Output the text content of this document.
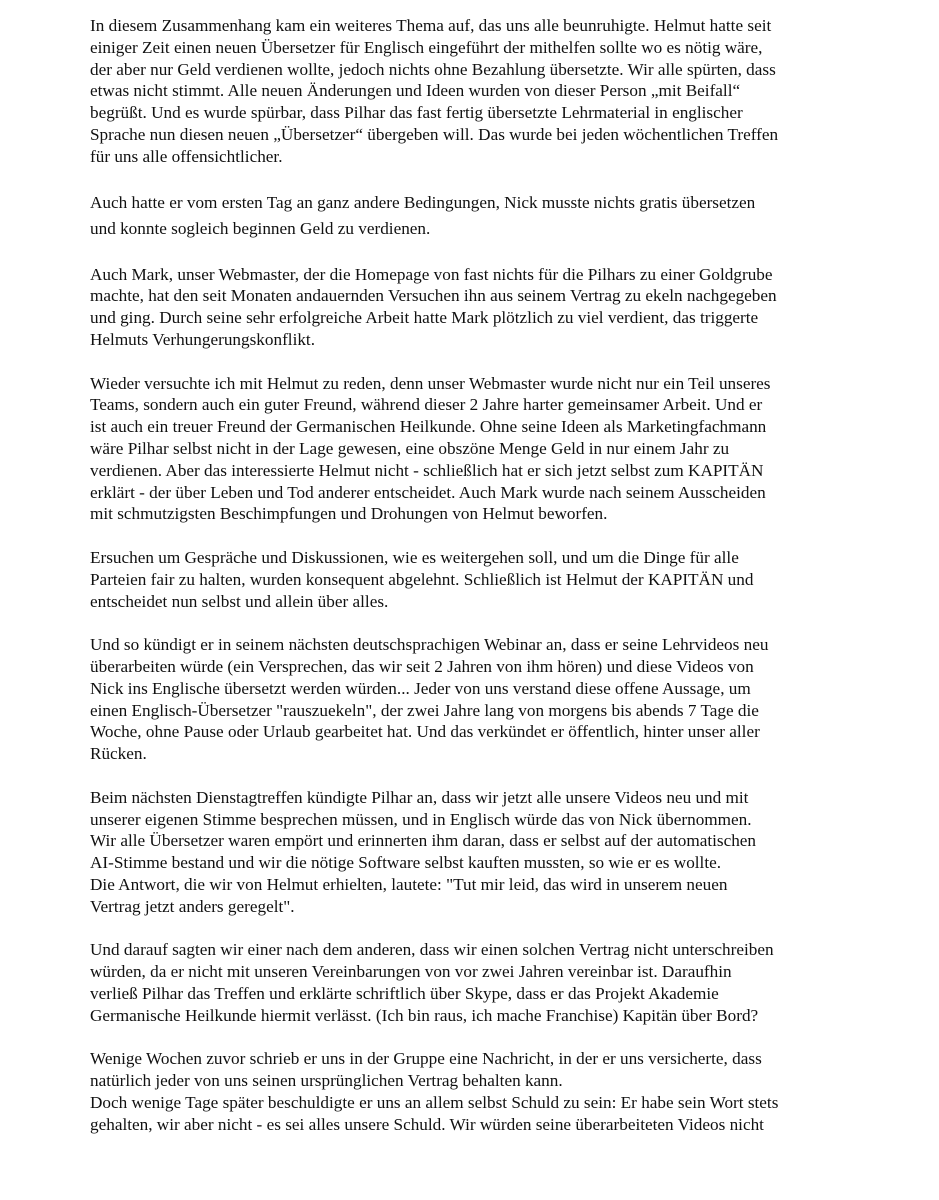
In diesem Zusammenhang kam ein weiteres Thema auf, das uns alle beunruhigte. Helmut hatte seit
einiger Zeit einen neuen Übersetzer für Englisch eingeführt der mithelfen sollte wo es nötig wäre,
der aber nur Geld verdienen wollte, jedoch nichts ohne Bezahlung übersetzte. Wir alle spürten, dass
etwas nicht stimmt. Alle neuen Änderungen und Ideen wurden von dieser Person „mit Beifall“
begrüßt. Und es wurde spürbar, dass Pilhar das fast fertig übersetzte Lehrmaterial in englischer
Sprache nun diesen neuen „Übersetzer“ übergeben will. Das wurde bei jeden wöchentlichen Treffen
für uns alle offensichtlicher.

Auch hatte er vom ersten Tag an ganz andere Bedingungen, Nick musste nichts gratis übersetzen
und konnte sogleich beginnen Geld zu verdienen.

Auch Mark, unser Webmaster, der die Homepage von fast nichts für die Pilhars zu einer Goldgrube
machte, hat den seit Monaten andauernden Versuchen ihn aus seinem Vertrag zu ekeln nachgegeben
und ging. Durch seine sehr erfolgreiche Arbeit hatte Mark plötzlich zu viel verdient, das triggerte
Helmuts Verhungerungskonflikt.

Wieder versuchte ich mit Helmut zu reden, denn unser Webmaster wurde nicht nur ein Teil unseres
Teams, sondern auch ein guter Freund, während dieser 2 Jahre harter gemeinsamer Arbeit. Und er
ist auch ein treuer Freund der Germanischen Heilkunde. Ohne seine Ideen als Marketingfachmann
wäre Pilhar selbst nicht in der Lage gewesen, eine obszöne Menge Geld in nur einem Jahr zu
verdienen. Aber das interessierte Helmut nicht - schließlich hat er sich jetzt selbst zum KAPITÄN
erklärt - der über Leben und Tod anderer entscheidet. Auch Mark wurde nach seinem Ausscheiden
mit schmutzigsten Beschimpfungen und Drohungen von Helmut beworfen.

Ersuchen um Gespräche und Diskussionen, wie es weitergehen soll, und um die Dinge für alle
Parteien fair zu halten, wurden konsequent abgelehnt. Schließlich ist Helmut der KAPITÄN und
entscheidet nun selbst und allein über alles.

Und so kündigt er in seinem nächsten deutschsprachigen Webinar an, dass er seine Lehrvideos neu
überarbeiten würde (ein Versprechen, das wir seit 2 Jahren von ihm hören) und diese Videos von
Nick ins Englische übersetzt werden würden... Jeder von uns verstand diese offene Aussage, um
einen Englisch-Übersetzer "rauszuekeln", der zwei Jahre lang von morgens bis abends 7 Tage die
Woche, ohne Pause oder Urlaub gearbeitet hat. Und das verkündet er öffentlich, hinter unser aller
Rücken.

Beim nächsten Dienstagtreffen kündigte Pilhar an, dass wir jetzt alle unsere Videos neu und mit
unserer eigenen Stimme besprechen müssen, und in Englisch würde das von Nick übernommen.
Wir alle Übersetzer waren empört und erinnerten ihm daran, dass er selbst auf der automatischen
AI-Stimme bestand und wir die nötige Software selbst kauften mussten, so wie er es wollte.
Die Antwort, die wir von Helmut erhielten, lautete: "Tut mir leid, das wird in unserem neuen
Vertrag jetzt anders geregelt".

Und darauf sagten wir einer nach dem anderen, dass wir einen solchen Vertrag nicht unterschreiben
würden, da er nicht mit unseren Vereinbarungen von vor zwei Jahren vereinbar ist. Daraufhin
verließ Pilhar das Treffen und erklärte schriftlich über Skype, dass er das Projekt Akademie
Germanische Heilkunde hiermit verlässt. (Ich bin raus, ich mache Franchise) Kapitän über Bord?

Wenige Wochen zuvor schrieb er uns in der Gruppe eine Nachricht, in der er uns versicherte, dass
natürlich jeder von uns seinen ursprünglichen Vertrag behalten kann.
Doch wenige Tage später beschuldigte er uns an allem selbst Schuld zu sein: Er habe sein Wort stets
gehalten, wir aber nicht - es sei alles unsere Schuld. Wir würden seine überarbeiteten Videos nicht
